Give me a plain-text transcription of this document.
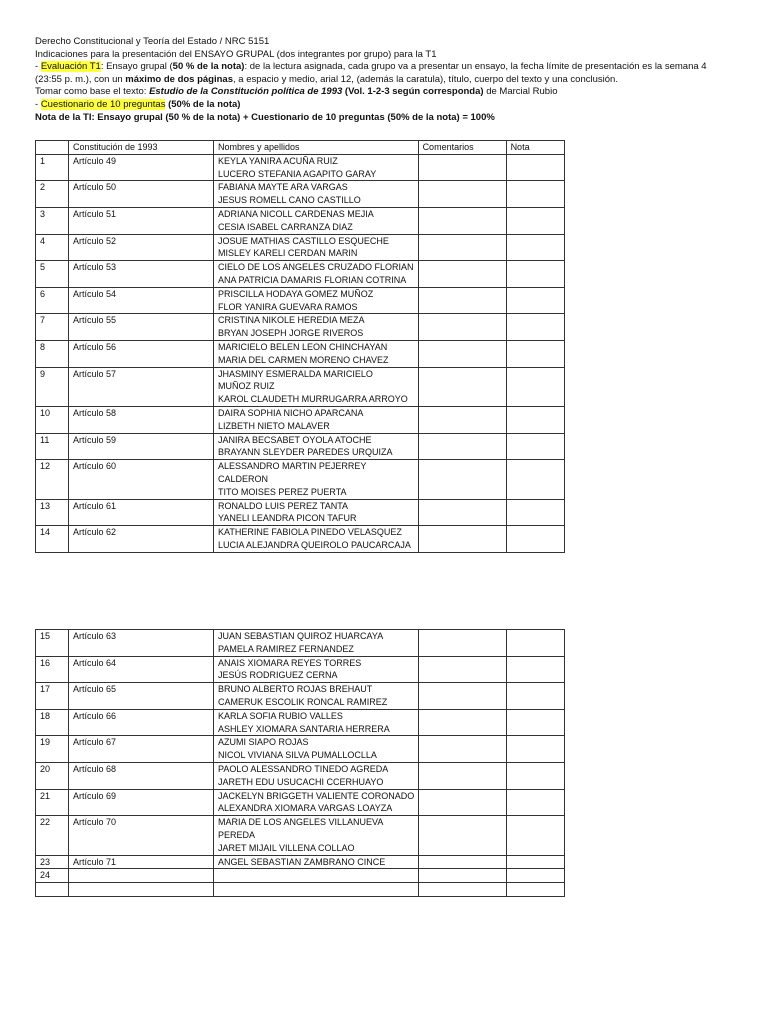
Derecho Constitucional y Teoría del Estado / NRC 5151
Indicaciones para la presentación del ENSAYO GRUPAL (dos integrantes por grupo) para la T1
- Evaluación T1: Ensayo grupal (50 % de la nota): de la lectura asignada, cada grupo va a presentar un ensayo, la fecha límite de presentación es la semana 4
(23:55 p. m.), con un máximo de dos páginas, a espacio y medio, arial 12, (además la caratula), título, cuerpo del texto y una conclusión.
Tomar como base el texto: Estudio de la Constitución política de 1993 (Vol. 1-2-3 según corresponda) de Marcial Rubio
- Cuestionario de 10 preguntas (50% de la nota)
Nota de la TI: Ensayo grupal (50 % de la nota) + Cuestionario de 10 preguntas (50% de la nota) = 100%
	Constitución de 1993	Nombres y apellidos	Comentarios	Nota
1	Artículo 49	KEYLA YANIRA ACUÑA RUIZ
LUCERO STEFANIA AGAPITO GARAY		

2	Artículo 50	FABIANA MAYTE ARA VARGAS
JESUS ROMELL CANO CASTILLO		

3	Artículo 51	ADRIANA NICOLL CARDENAS MEJIA
CESIA ISABEL CARRANZA DIAZ		

4	Artículo 52	JOSUE MATHIAS CASTILLO ESQUECHE
MISLEY KARELI CERDAN MARIN		

5	Artículo 53	CIELO DE LOS ANGELES CRUZADO FLORIAN
ANA PATRICIA DAMARIS FLORIAN COTRINA		

6	Artículo 54	PRISCILLA HODAYA GOMEZ MUÑOZ
FLOR YANIRA GUEVARA RAMOS		

7	Artículo 55	CRISTINA NIKOLE HEREDIA MEZA
BRYAN JOSEPH JORGE RIVEROS		

8	Artículo 56	MARICIELO BELEN LEON CHINCHAYAN
MARIA DEL CARMEN MORENO CHAVEZ		

9	Artículo 57	JHASMINY ESMERALDA MARICIELO
MUÑOZ RUIZ
KAROL CLAUDETH MURRUGARRA ARROYO		

10	Artículo 58	DAIRA SOPHIA NICHO APARCANA
LIZBETH NIETO MALAVER		

11	Artículo 59	JANIRA BECSABET OYOLA ATOCHE
BRAYANN SLEYDER PAREDES URQUIZA		

12	Artículo 60	ALESSANDRO MARTIN PEJERREY
CALDERON
TITO MOISES PEREZ PUERTA		

13	Artículo 61	RONALDO LUIS PEREZ TANTA
YANELI LEANDRA PICON TAFUR		

14	Artículo 62	KATHERINE FABIOLA PINEDO VELASQUEZ
LUCIA ALEJANDRA QUEIROLO PAUCARCAJA		

15	Artículo 63	JUAN SEBASTIAN QUIROZ HUARCAYA
PAMELA RAMIREZ FERNANDEZ		

16	Artículo 64	ANAIS XIOMARA REYES TORRES
JESÚS RODRIGUEZ CERNA		

17	Artículo 65	BRUNO ALBERTO ROJAS BREHAUT
CAMERUK ESCOLIK RONCAL RAMIREZ		

18	Artículo 66	KARLA SOFIA RUBIO VALLES
ASHLEY XIOMARA SANTARIA HERRERA		

19	Artículo 67	AZUMI SIAPO ROJAS
NICOL VIVIANA SILVA PUMALLOCLLA		

20	Artículo 68	PAOLO ALESSANDRO TINEDO AGREDA
JARETH EDU USUCACHI CCERHUAYO		

21	Artículo 69	JACKELYN BRIGGETH VALIENTE CORONADO
ALEXANDRA XIOMARA VARGAS LOAYZA		

22	Artículo 70	MARIA DE LOS ANGELES VILLANUEVA
PEREDA
JARET MIJAIL VILLENA COLLAO		

23	Artículo 71	ANGEL SEBASTIAN ZAMBRANO CINCE		

24		
